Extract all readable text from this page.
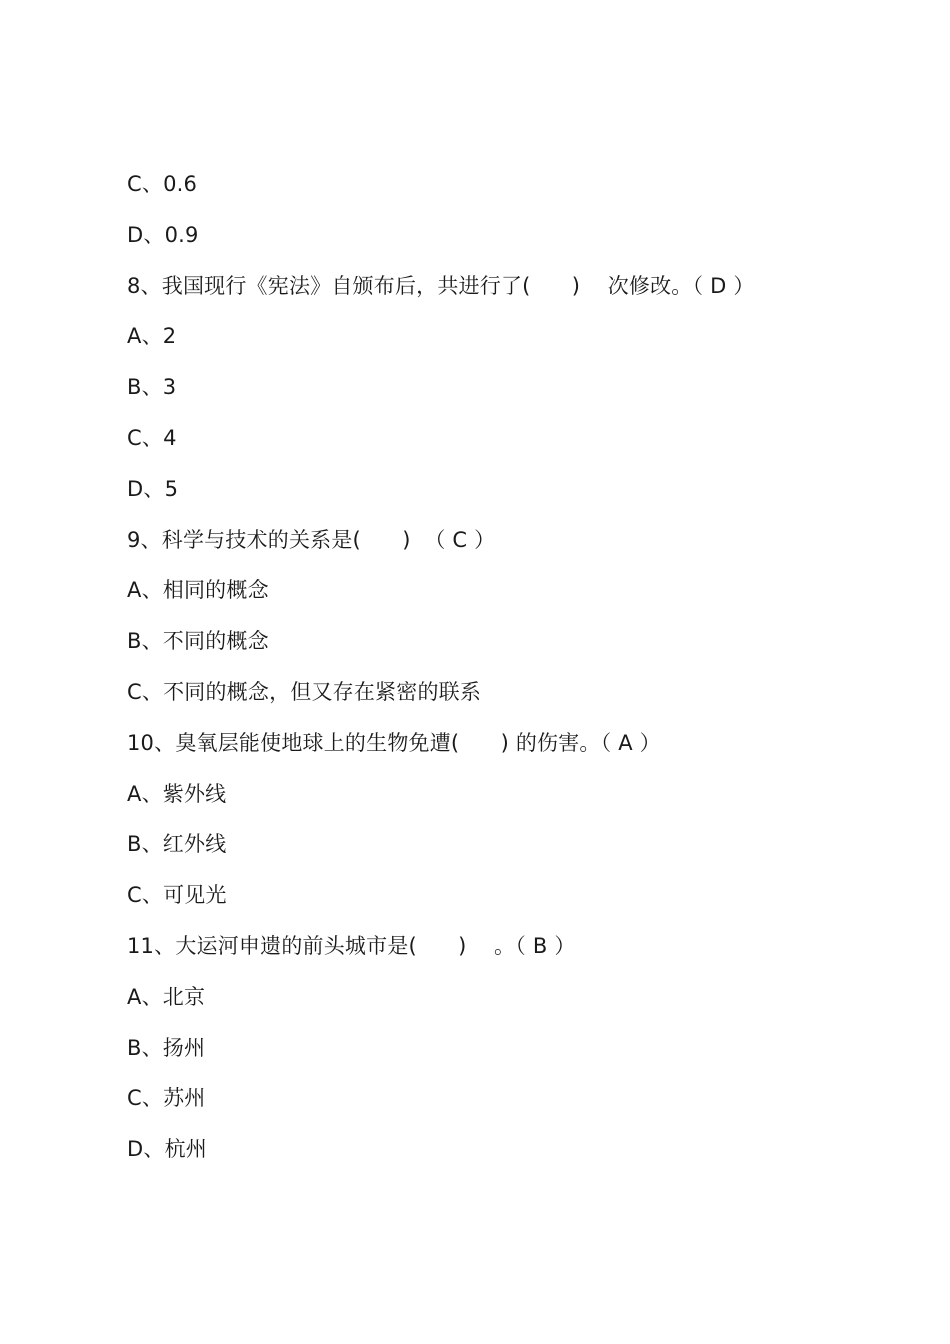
C、0.6
D、0.9
8、我国现行《宪法》自颁布后，共进行了(      )    次修改。（ D ）
A、2
B、3
C、4
D、5
9、科学与技术的关系是(      )  （ C ）
A、相同的概念
B、不同的概念
C、不同的概念，但又存在紧密的联系
10、臭氧层能使地球上的生物免遭(      ) 的伤害。（ A ）
A、紫外线
B、红外线
C、可见光
11、大运河申遗的前头城市是(      )    。（ B ）
A、北京
B、扬州
C、苏州
D、杭州
